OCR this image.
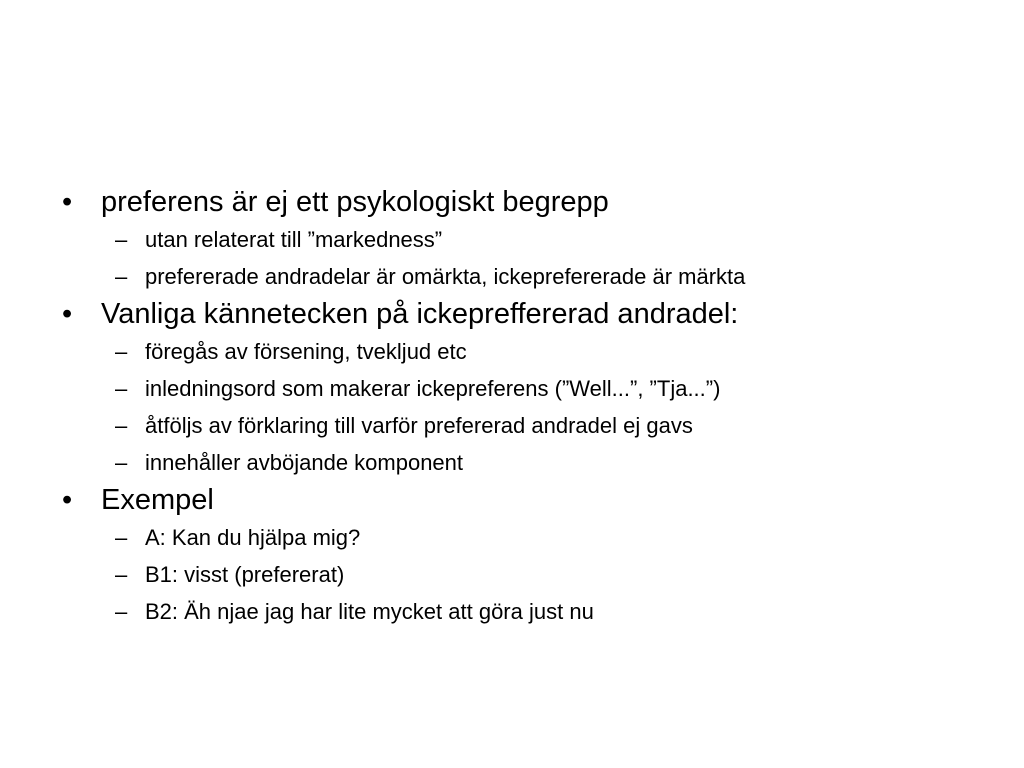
• preferens är ej ett psykologiskt begrepp
– utan relaterat till ”markedness”
– prefererade andradelar är omärkta, ickeprefererade är märkta
• Vanliga kännetecken på ickepreffererad andradel:
– föregås av försening, tvekljud etc
– inledningsord som makerar ickepreferens (”Well...”, ”Tja...”)
– åtföljs av förklaring till varför prefererad andradel ej gavs
– innehåller avböjande komponent
• Exempel
– A: Kan du hjälpa mig?
– B1: visst (prefererat)
– B2: Äh njae jag har lite mycket att göra just nu
